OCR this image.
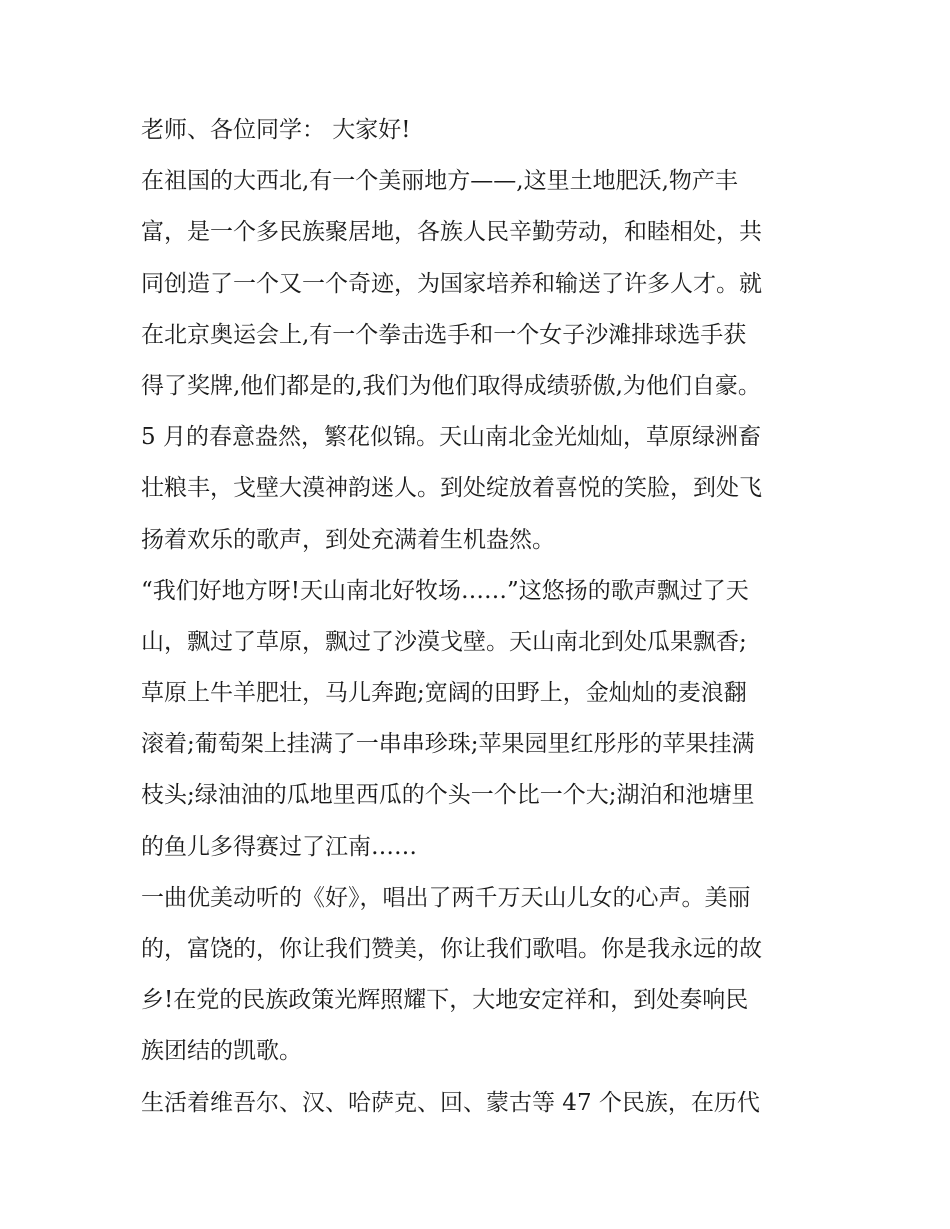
老师、各位同学： 大家好!
在祖国的大西北,有一个美丽地方——,这里土地肥沃,物产丰
富，是一个多民族聚居地，各族人民辛勤劳动，和睦相处，共
同创造了一个又一个奇迹，为国家培养和输送了许多人才。就
在北京奥运会上,有一个拳击选手和一个女子沙滩排球选手获
得了奖牌,他们都是的,我们为他们取得成绩骄傲,为他们自豪。
5 月的春意盎然，繁花似锦。天山南北金光灿灿，草原绿洲畜
壮粮丰，戈壁大漠神韵迷人。到处绽放着喜悦的笑脸，到处飞
扬着欢乐的歌声，到处充满着生机盎然。
“我们好地方呀!天山南北好牧场……”这悠扬的歌声飘过了天
山，飘过了草原，飘过了沙漠戈壁。天山南北到处瓜果飘香;
草原上牛羊肥壮，马儿奔跑;宽阔的田野上，金灿灿的麦浪翻
滚着;葡萄架上挂满了一串串珍珠;苹果园里红彤彤的苹果挂满
枝头;绿油油的瓜地里西瓜的个头一个比一个大;湖泊和池塘里
的鱼儿多得赛过了江南……
一曲优美动听的《好》，唱出了两千万天山儿女的心声。美丽
的，富饶的，你让我们赞美，你让我们歌唱。你是我永远的故
乡!在党的民族政策光辉照耀下，大地安定祥和，到处奏响民
族团结的凯歌。
生活着维吾尔、汉、哈萨克、回、蒙古等 47 个民族，在历代
